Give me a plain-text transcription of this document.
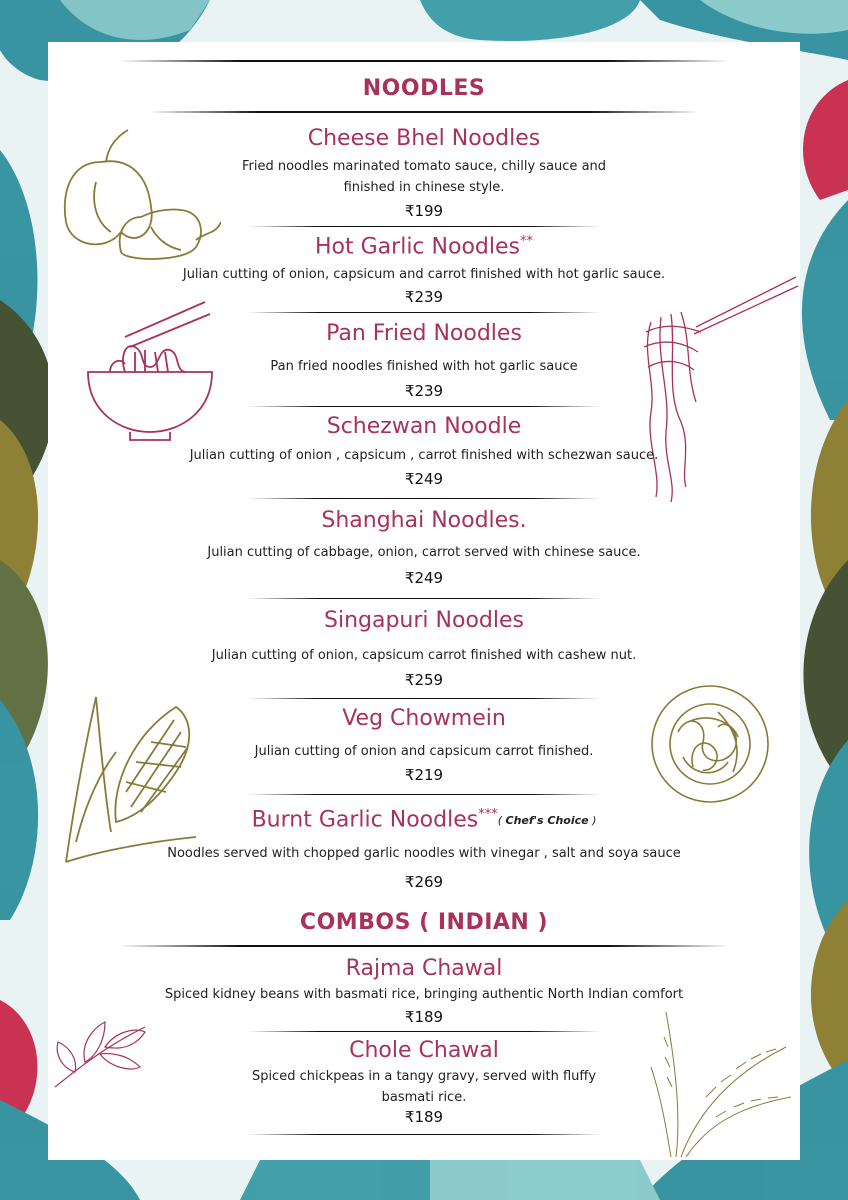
NOODLES
Cheese Bhel Noodles
Fried noodles marinated tomato sauce, chilly sauce and
finished in chinese style.
₹199
Hot Garlic Noodles**
Julian cutting of onion, capsicum and carrot finished with hot garlic sauce.
₹239
Pan Fried Noodles
Pan fried noodles finished with hot garlic sauce
₹239
Schezwan Noodle
Julian cutting of onion , capsicum , carrot finished with schezwan sauce.
₹249
Shanghai Noodles.
Julian cutting of cabbage, onion, carrot served with chinese sauce.
₹249
Singapuri Noodles
Julian cutting of onion, capsicum carrot finished with cashew nut.
₹259
Veg Chowmein
Julian cutting of onion and capsicum carrot finished.
₹219
Burnt Garlic Noodles***( Chef's Choice )
Noodles served with chopped garlic noodles with vinegar , salt and soya sauce
₹269
COMBOS ( INDIAN )
Rajma Chawal
Spiced kidney beans with basmati rice, bringing authentic North Indian comfort
₹189
Chole Chawal
Spiced chickpeas in a tangy gravy, served with fluffy
basmati rice.
₹189
